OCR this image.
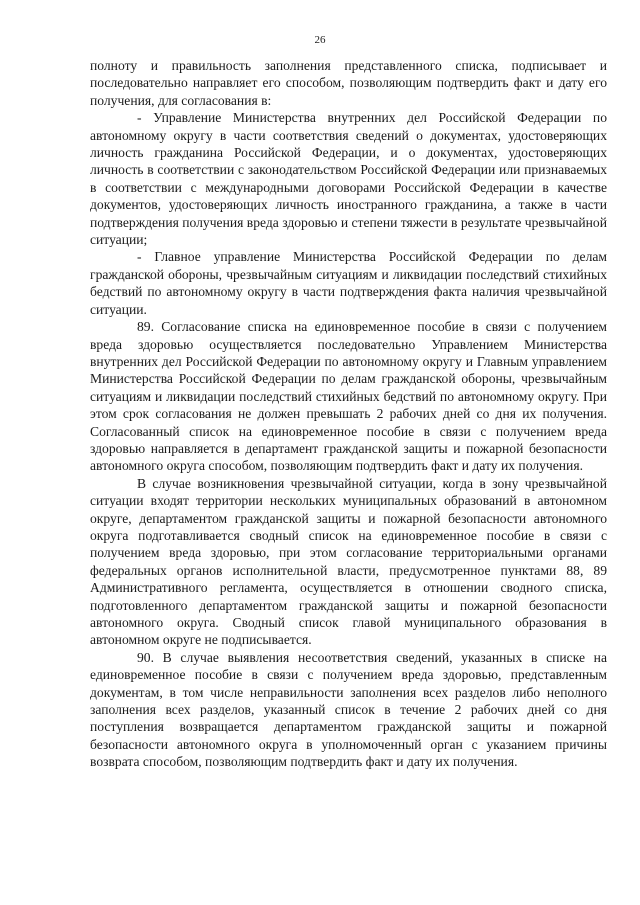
26

полноту и правильность заполнения представленного списка, подписывает и последовательно направляет его способом, позволяющим подтвердить факт и дату его получения, для согласования в:

- Управление Министерства внутренних дел Российской Федерации по автономному округу в части соответствия сведений о документах, удостоверяющих личность гражданина Российской Федерации, и о документах, удостоверяющих личность в соответствии с законодательством Российской Федерации или признаваемых в соответствии с международными договорами Российской Федерации в качестве документов, удостоверяющих личность иностранного гражданина, а также в части подтверждения получения вреда здоровью и степени тяжести в результате чрезвычайной ситуации;

- Главное управление Министерства Российской Федерации по делам гражданской обороны, чрезвычайным ситуациям и ликвидации последствий стихийных бедствий по автономному округу в части подтверждения факта наличия чрезвычайной ситуации.

89. Согласование списка на единовременное пособие в связи с получением вреда здоровью осуществляется последовательно Управлением Министерства внутренних дел Российской Федерации по автономному округу и Главным управлением Министерства Российской Федерации по делам гражданской обороны, чрезвычайным ситуациям и ликвидации последствий стихийных бедствий по автономному округу. При этом срок согласования не должен превышать 2 рабочих дней со дня их получения. Согласованный список на единовременное пособие в связи с получением вреда здоровью направляется в департамент гражданской защиты и пожарной безопасности автономного округа способом, позволяющим подтвердить факт и дату их получения.

В случае возникновения чрезвычайной ситуации, когда в зону чрезвычайной ситуации входят территории нескольких муниципальных образований в автономном округе, департаментом гражданской защиты и пожарной безопасности автономного округа подготавливается сводный список на единовременное пособие в связи с получением вреда здоровью, при этом согласование территориальными органами федеральных органов исполнительной власти, предусмотренное пунктами 88, 89 Административного регламента, осуществляется в отношении сводного списка, подготовленного департаментом гражданской защиты и пожарной безопасности автономного округа. Сводный список главой муниципального образования в автономном округе не подписывается.

90. В случае выявления несоответствия сведений, указанных в списке на единовременное пособие в связи с получением вреда здоровью, представленным документам, в том числе неправильности заполнения всех разделов либо неполного заполнения всех разделов, указанный список в течение 2 рабочих дней со дня поступления возвращается департаментом гражданской защиты и пожарной безопасности автономного округа в уполномоченный орган с указанием причины возврата способом, позволяющим подтвердить факт и дату их получения.
